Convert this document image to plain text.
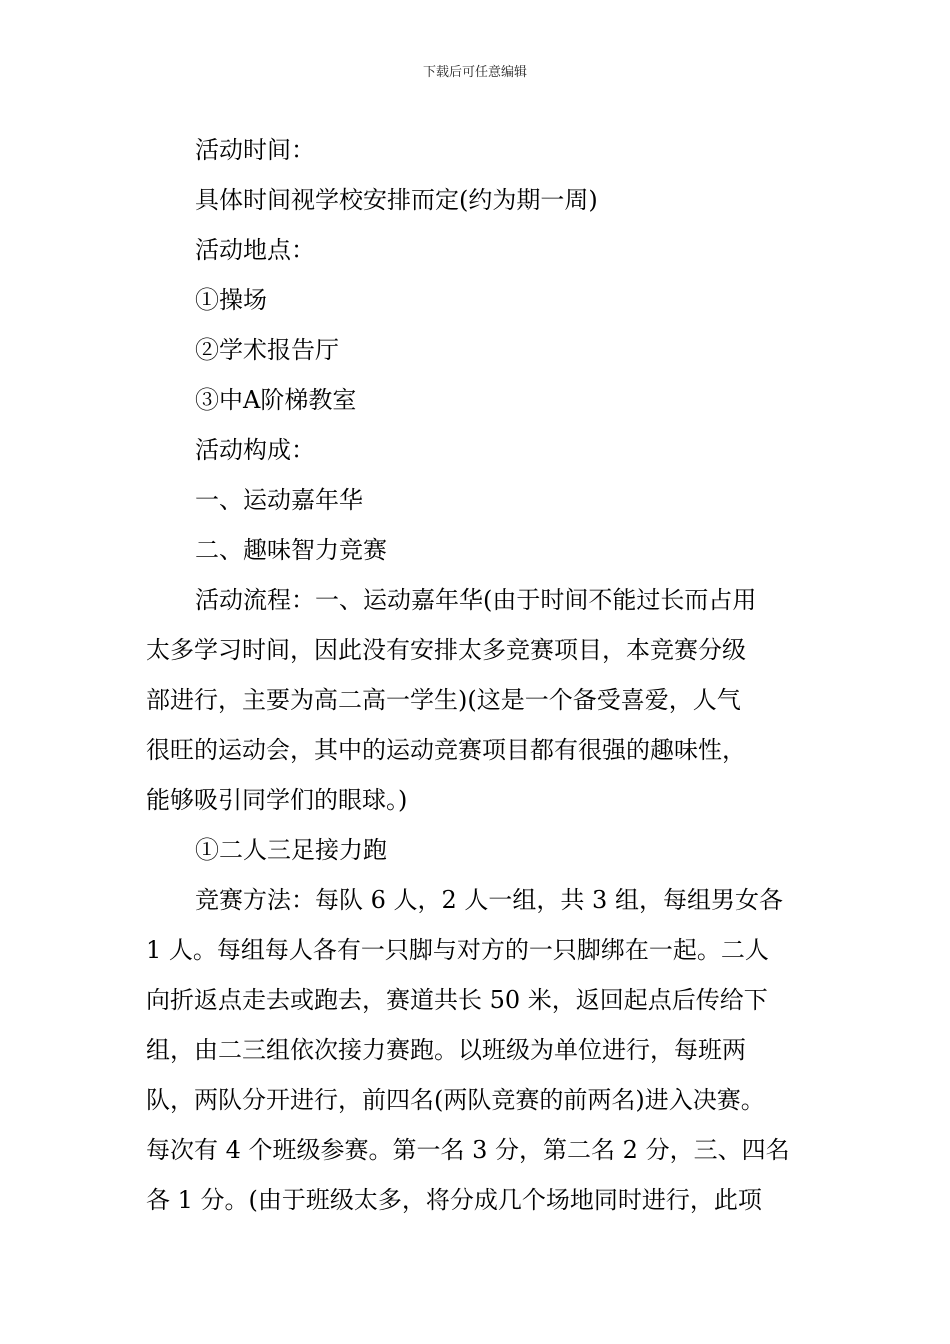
下载后可任意编辑

活动时间：

具体时间视学校安排而定(约为期一周)

活动地点：

①操场

②学术报告厅

③中A阶梯教室

活动构成：

一、运动嘉年华

二、趣味智力竞赛

活动流程：一、运动嘉年华(由于时间不能过长而占用

太多学习时间，因此没有安排太多竞赛项目，本竞赛分级

部进行，主要为高二高一学生)(这是一个备受喜爱，人气

很旺的运动会，其中的运动竞赛项目都有很强的趣味性，

能够吸引同学们的眼球。)

①二人三足接力跑

竞赛方法：每队 6 人，2 人一组，共 3 组，每组男女各

1 人。每组每人各有一只脚与对方的一只脚绑在一起。二人

向折返点走去或跑去，赛道共长 50 米，返回起点后传给下

组，由二三组依次接力赛跑。以班级为单位进行，每班两

队，两队分开进行，前四名(两队竞赛的前两名)进入决赛。

每次有 4 个班级参赛。第一名 3 分，第二名 2 分，三、四名

各 1 分。(由于班级太多，将分成几个场地同时进行，此项
